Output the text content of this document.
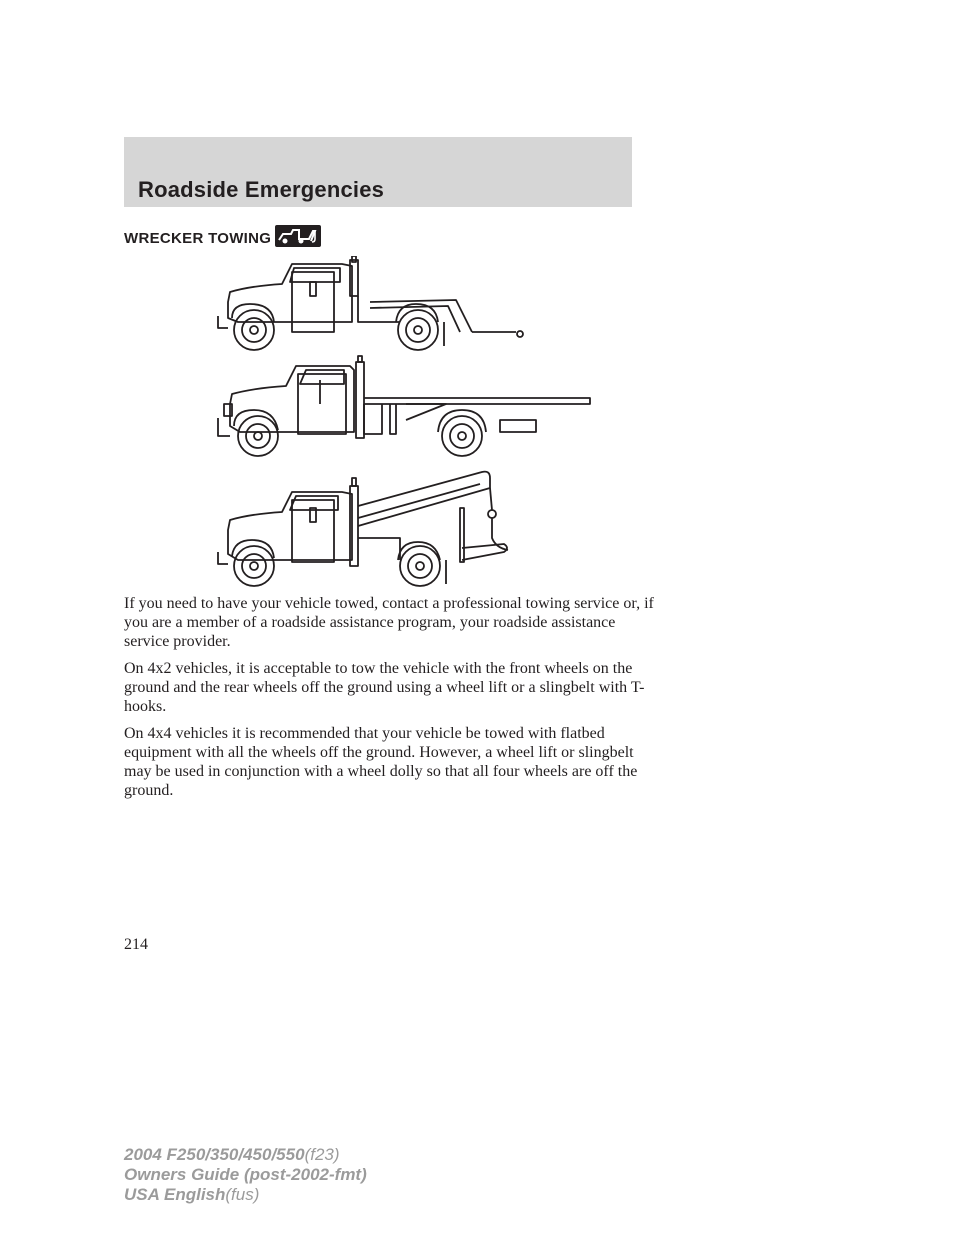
Roadside Emergencies
WRECKER TOWING

If you need to have your vehicle towed, contact a professional towing service or, if you are a member of a roadside assistance program, your roadside assistance service provider.

On 4x2 vehicles, it is acceptable to tow the vehicle with the front wheels on the ground and the rear wheels off the ground using a wheel lift or a slingbelt with T-hooks.

On 4x4 vehicles it is recommended that your vehicle be towed with flatbed equipment with all the wheels off the ground. However, a wheel lift or slingbelt may be used in conjunction with a wheel dolly so that all four wheels are off the ground.

214
2004 F250/350/450/550(f23)
Owners Guide (post-2002-fmt)
USA English(fus)
